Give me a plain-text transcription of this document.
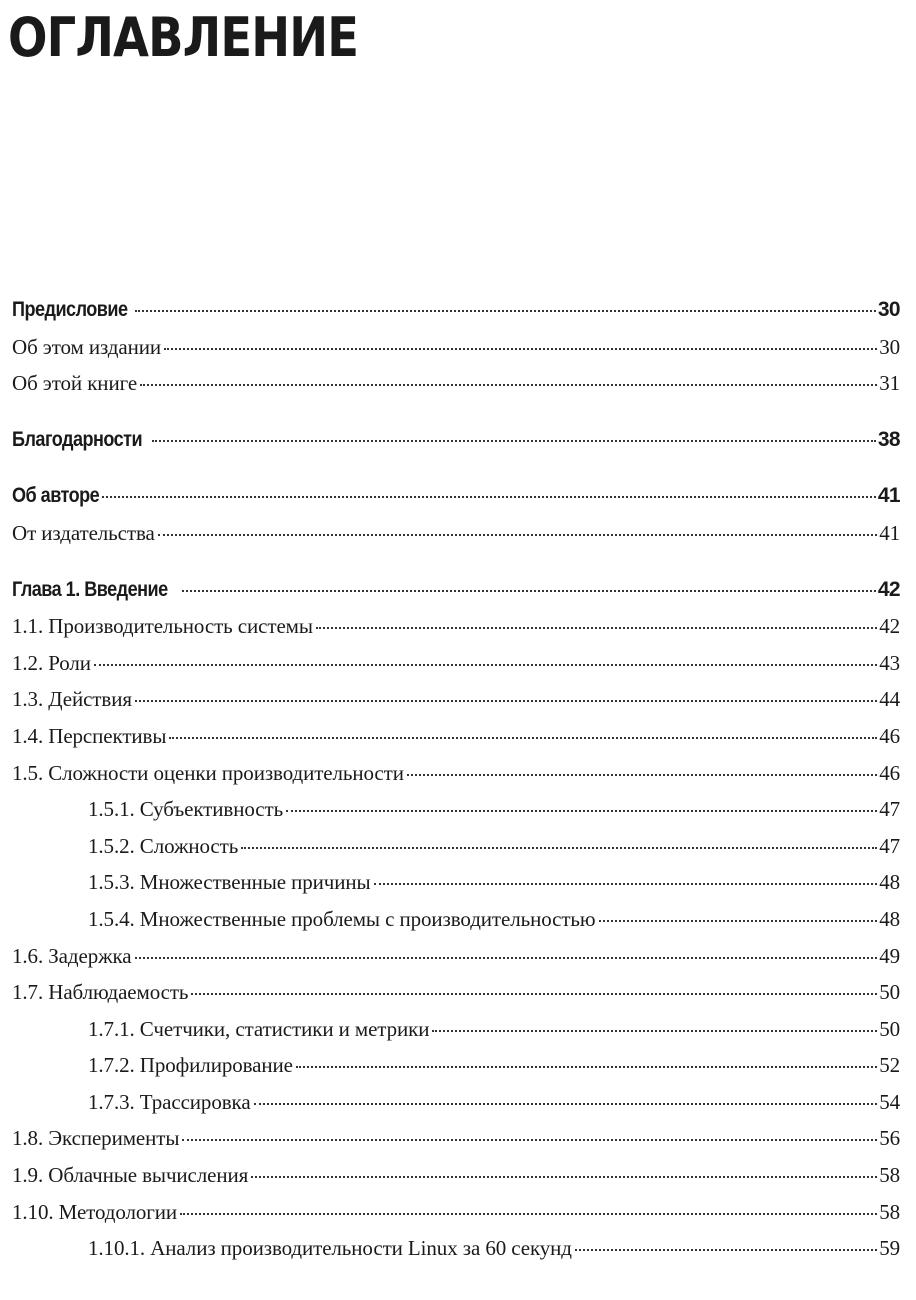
ОГЛАВЛЕНИЕ
Предисловие	30
Об этом издании	30
Об этой книге	31
Благодарности	38
Об авторе	41
От издательства	41
Глава 1. Введение	42
1.1. Производительность системы	42
1.2. Роли	43
1.3. Действия	44
1.4. Перспективы	46
1.5. Сложности оценки производительности	46
1.5.1. Субъективность	47
1.5.2. Сложность	47
1.5.3. Множественные причины	48
1.5.4. Множественные проблемы с производительностью	48
1.6. Задержка	49
1.7. Наблюдаемость	50
1.7.1. Счетчики, статистики и метрики	50
1.7.2. Профилирование	52
1.7.3. Трассировка	54
1.8. Эксперименты	56
1.9. Облачные вычисления	58
1.10. Методологии	58
1.10.1. Анализ производительности Linux за 60 секунд	59
